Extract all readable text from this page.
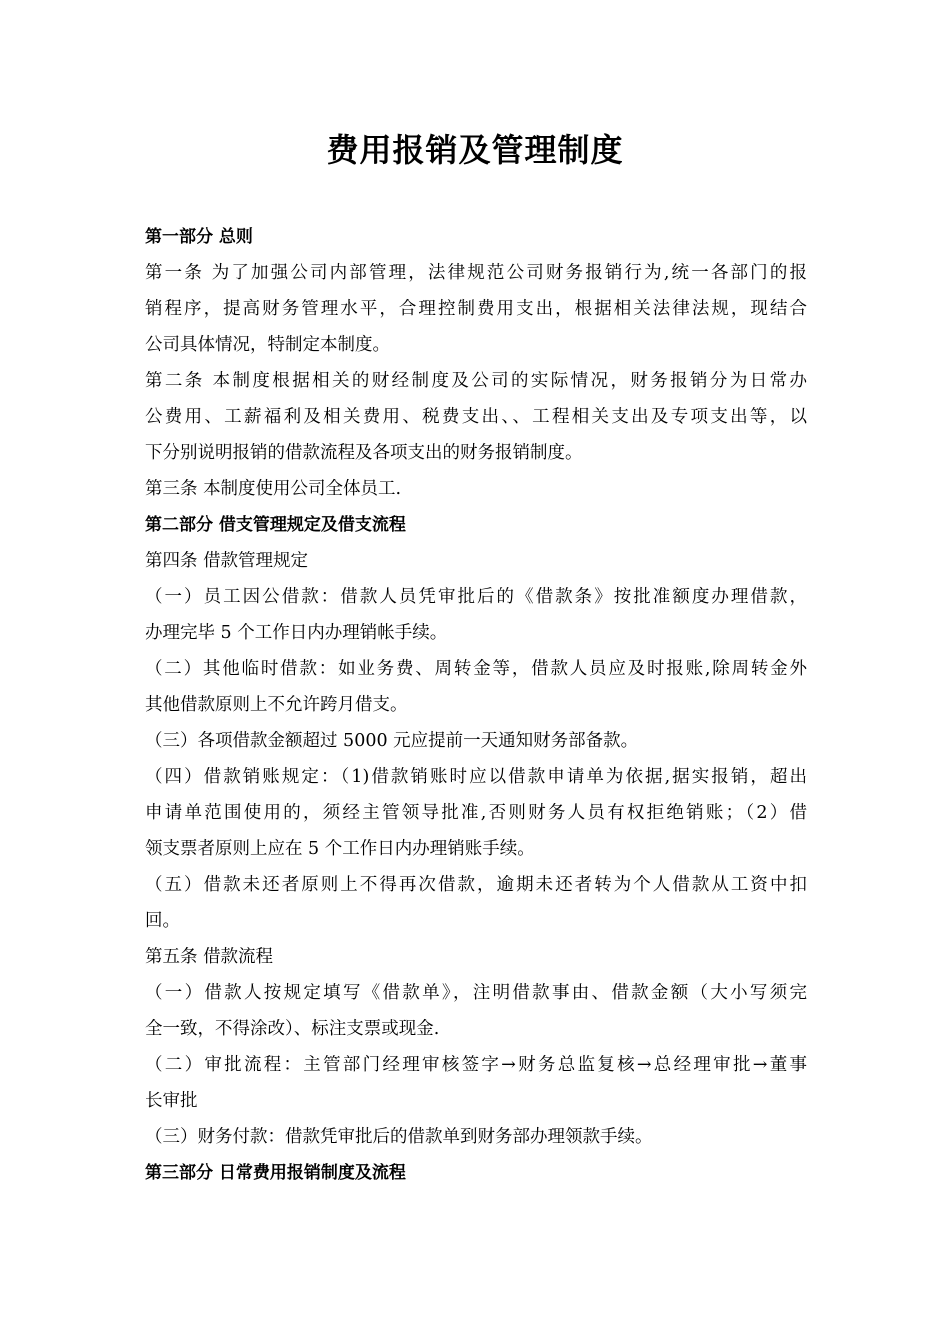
费用报销及管理制度
第一部分 总则
第一条 为了加强公司内部管理，法律规范公司财务报销行为,统一各部门的报
销程序，提高财务管理水平，合理控制费用支出，根据相关法律法规，现结合
公司具体情况，特制定本制度。
第二条 本制度根据相关的财经制度及公司的实际情况，财务报销分为日常办
公费用、工薪福利及相关费用、税费支出、、工程相关支出及专项支出等，以
下分别说明报销的借款流程及各项支出的财务报销制度。
第三条 本制度使用公司全体员工.
第二部分 借支管理规定及借支流程
第四条 借款管理规定
（一）员工因公借款：借款人员凭审批后的《借款条》按批准额度办理借款，
办理完毕 5 个工作日内办理销帐手续。
（二）其他临时借款：如业务费、周转金等，借款人员应及时报账,除周转金外
其他借款原则上不允许跨月借支。
（三）各项借款金额超过 5000 元应提前一天通知财务部备款。
（四）借款销账规定：（1)借款销账时应以借款申请单为依据,据实报销，超出
申请单范围使用的，须经主管领导批准,否则财务人员有权拒绝销账；（2）借
领支票者原则上应在 5 个工作日内办理销账手续。
（五）借款未还者原则上不得再次借款，逾期未还者转为个人借款从工资中扣
回。
第五条 借款流程
（一）借款人按规定填写《借款单》，注明借款事由、借款金额（大小写须完
全一致，不得涂改）、标注支票或现金.
（二）审批流程：主管部门经理审核签字→财务总监复核→总经理审批→董事
长审批
（三）财务付款：借款凭审批后的借款单到财务部办理领款手续。
第三部分 日常费用报销制度及流程
